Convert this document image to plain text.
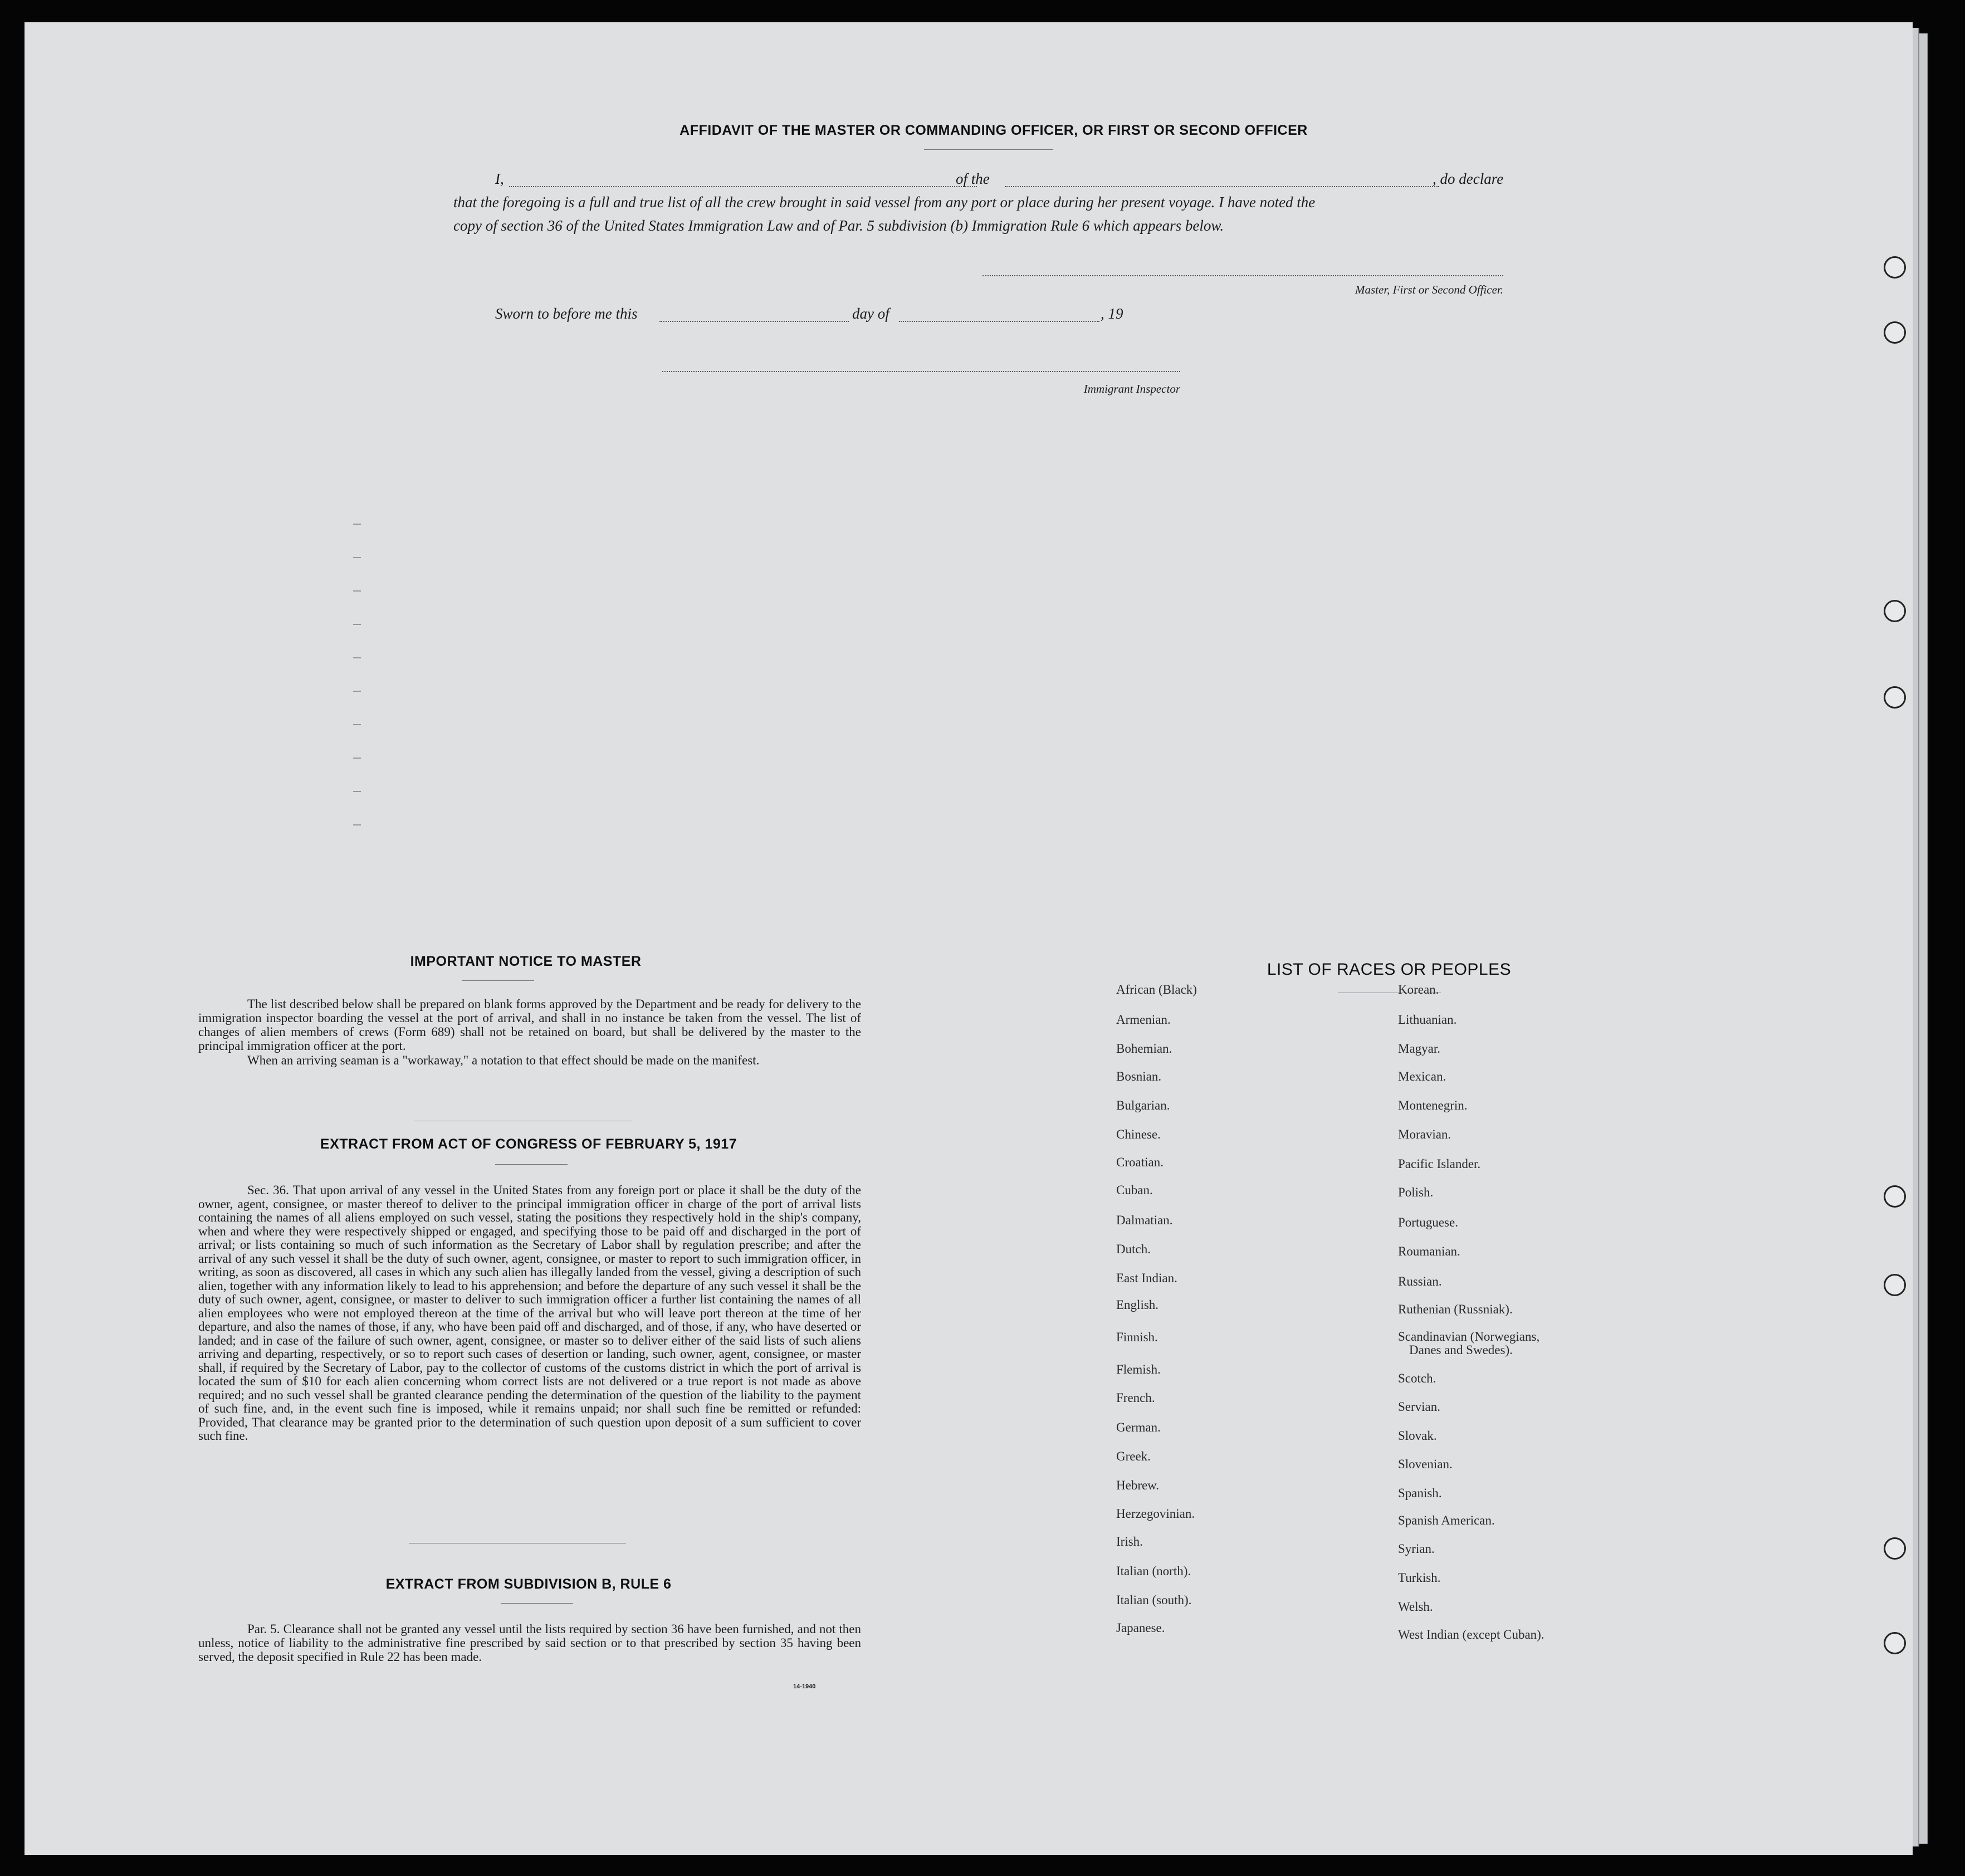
AFFIDAVIT OF THE MASTER OR COMMANDING OFFICER, OR FIRST OR SECOND OFFICER
I,	of the	, do declare
that the foregoing is a full and true list of all the crew brought in said vessel from any port or place during her present voyage. I have noted the
copy of section 36 of the United States Immigration Law and of Par. 5 subdivision (b) Immigration Rule 6 which appears below.
Master, First or Second Officer.
Sworn to before me this	day of	, 19
Immigrant Inspector
IMPORTANT NOTICE TO MASTER
The list described below shall be prepared on blank forms approved by the Department and be ready for delivery to the immigration inspector boarding the vessel at the port of arrival, and shall in no instance be taken from the vessel. The list of changes of alien members of crews (Form 689) shall not be retained on board, but shall be delivered by the master to the principal immigration officer at the port.
When an arriving seaman is a "workaway," a notation to that effect should be made on the manifest.
EXTRACT FROM ACT OF CONGRESS OF FEBRUARY 5, 1917
Sec. 36. That upon arrival of any vessel in the United States from any foreign port or place it shall be the duty of the owner, agent, consignee, or master thereof to deliver to the principal immigration officer in charge of the port of arrival lists containing the names of all aliens employed on such vessel, stating the positions they respectively hold in the ship's company, when and where they were respectively shipped or engaged, and specifying those to be paid off and discharged in the port of arrival; or lists containing so much of such information as the Secretary of Labor shall by regulation prescribe; and after the arrival of any such vessel it shall be the duty of such owner, agent, consignee, or master to report to such immigration officer, in writing, as soon as discovered, all cases in which any such alien has illegally landed from the vessel, giving a description of such alien, together with any information likely to lead to his apprehension; and before the departure of any such vessel it shall be the duty of such owner, agent, consignee, or master to deliver to such immigration officer a further list containing the names of all alien employees who were not employed thereon at the time of the arrival but who will leave port thereon at the time of her departure, and also the names of those, if any, who have been paid off and discharged, and of those, if any, who have deserted or landed; and in case of the failure of such owner, agent, consignee, or master so to deliver either of the said lists of such aliens arriving and departing, respectively, or so to report such cases of desertion or landing, such owner, agent, consignee, or master shall, if required by the Secretary of Labor, pay to the collector of customs of the customs district in which the port of arrival is located the sum of $10 for each alien concerning whom correct lists are not delivered or a true report is not made as above required; and no such vessel shall be granted clearance pending the determination of the question of the liability to the payment of such fine, and, in the event such fine is imposed, while it remains unpaid; nor shall such fine be remitted or refunded: Provided, That clearance may be granted prior to the determination of such question upon deposit of a sum sufficient to cover such fine.
EXTRACT FROM SUBDIVISION B, RULE 6
Par. 5. Clearance shall not be granted any vessel until the lists required by section 36 have been furnished, and not then unless, notice of liability to the administrative fine prescribed by said section or to that prescribed by section 35 having been served, the deposit specified in Rule 22 has been made.
14-1940
LIST OF RACES OR PEOPLES
African (Black)
Armenian.
Bohemian.
Bosnian.
Bulgarian.
Chinese.
Croatian.
Cuban.
Dalmatian.
Dutch.
East Indian.
English.
Finnish.
Flemish.
French.
German.
Greek.
Hebrew.
Herzegovinian.
Irish.
Italian (north).
Italian (south).
Japanese.
Korean.
Lithuanian.
Magyar.
Mexican.
Montenegrin.
Moravian.
Pacific Islander.
Polish.
Portuguese.
Roumanian.
Russian.
Ruthenian (Russniak).
Scandinavian (Norwegians,
Danes and Swedes).
Scotch.
Servian.
Slovak.
Slovenian.
Spanish.
Spanish American.
Syrian.
Turkish.
Welsh.
West Indian (except Cuban).
